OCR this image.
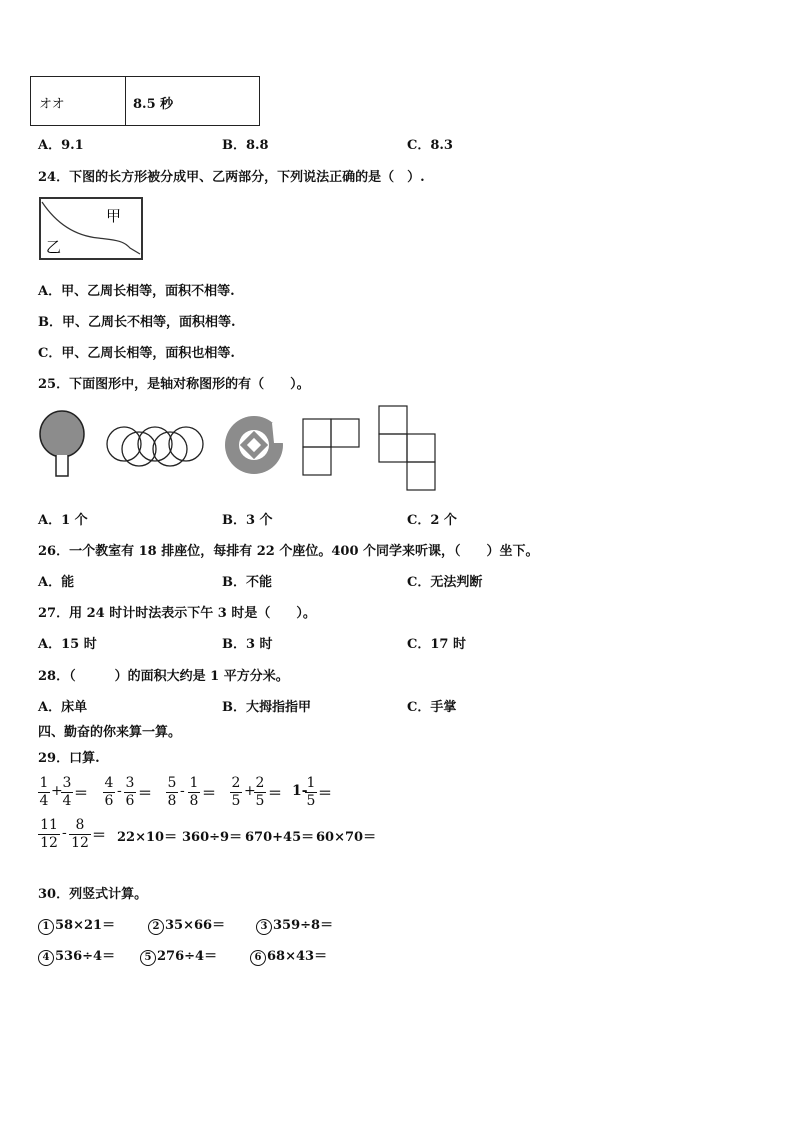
オオ	8.5 秒
A．9.1	B．8.8	C．8.3
24．下图的长方形被分成甲、乙两部分，下列说法正确的是（　）.
甲
乙
A．甲、乙周长相等，面积不相等.
B．甲、乙周长不相等，面积相等.
C．甲、乙周长相等，面积也相等.
25．下面图形中，是轴对称图形的有（　　）。
A．1 个	B．3 个	C．2 个
26．一个教室有 18 排座位，每排有 22 个座位。400 个同学来听课，（　　）坐下。
A．能	B．不能	C．无法判断
27．用 24 时计时法表示下午 3 时是（　　）。
A．15 时	B．3 时	C．17 时
28．（　　　）的面积大约是 1 平方分米。
A．床单	B．大拇指指甲	C．手掌
四、勤奋的你来算一算。
29．口算.
1
4
+ 3
4 ＝
4
6
- 3
6 ＝
5
8
- 1
8 ＝
2
5
+ 2
5 ＝ 1-
1
5 ＝
11
12
- 8
12 ＝ 22×10＝ 360÷9＝ 670+45＝ 60×70＝
30．列竖式计算。
1 58×21＝	2 35×66＝	3 359÷8＝
4 536÷4＝	5 276÷4＝	6 68×43＝
